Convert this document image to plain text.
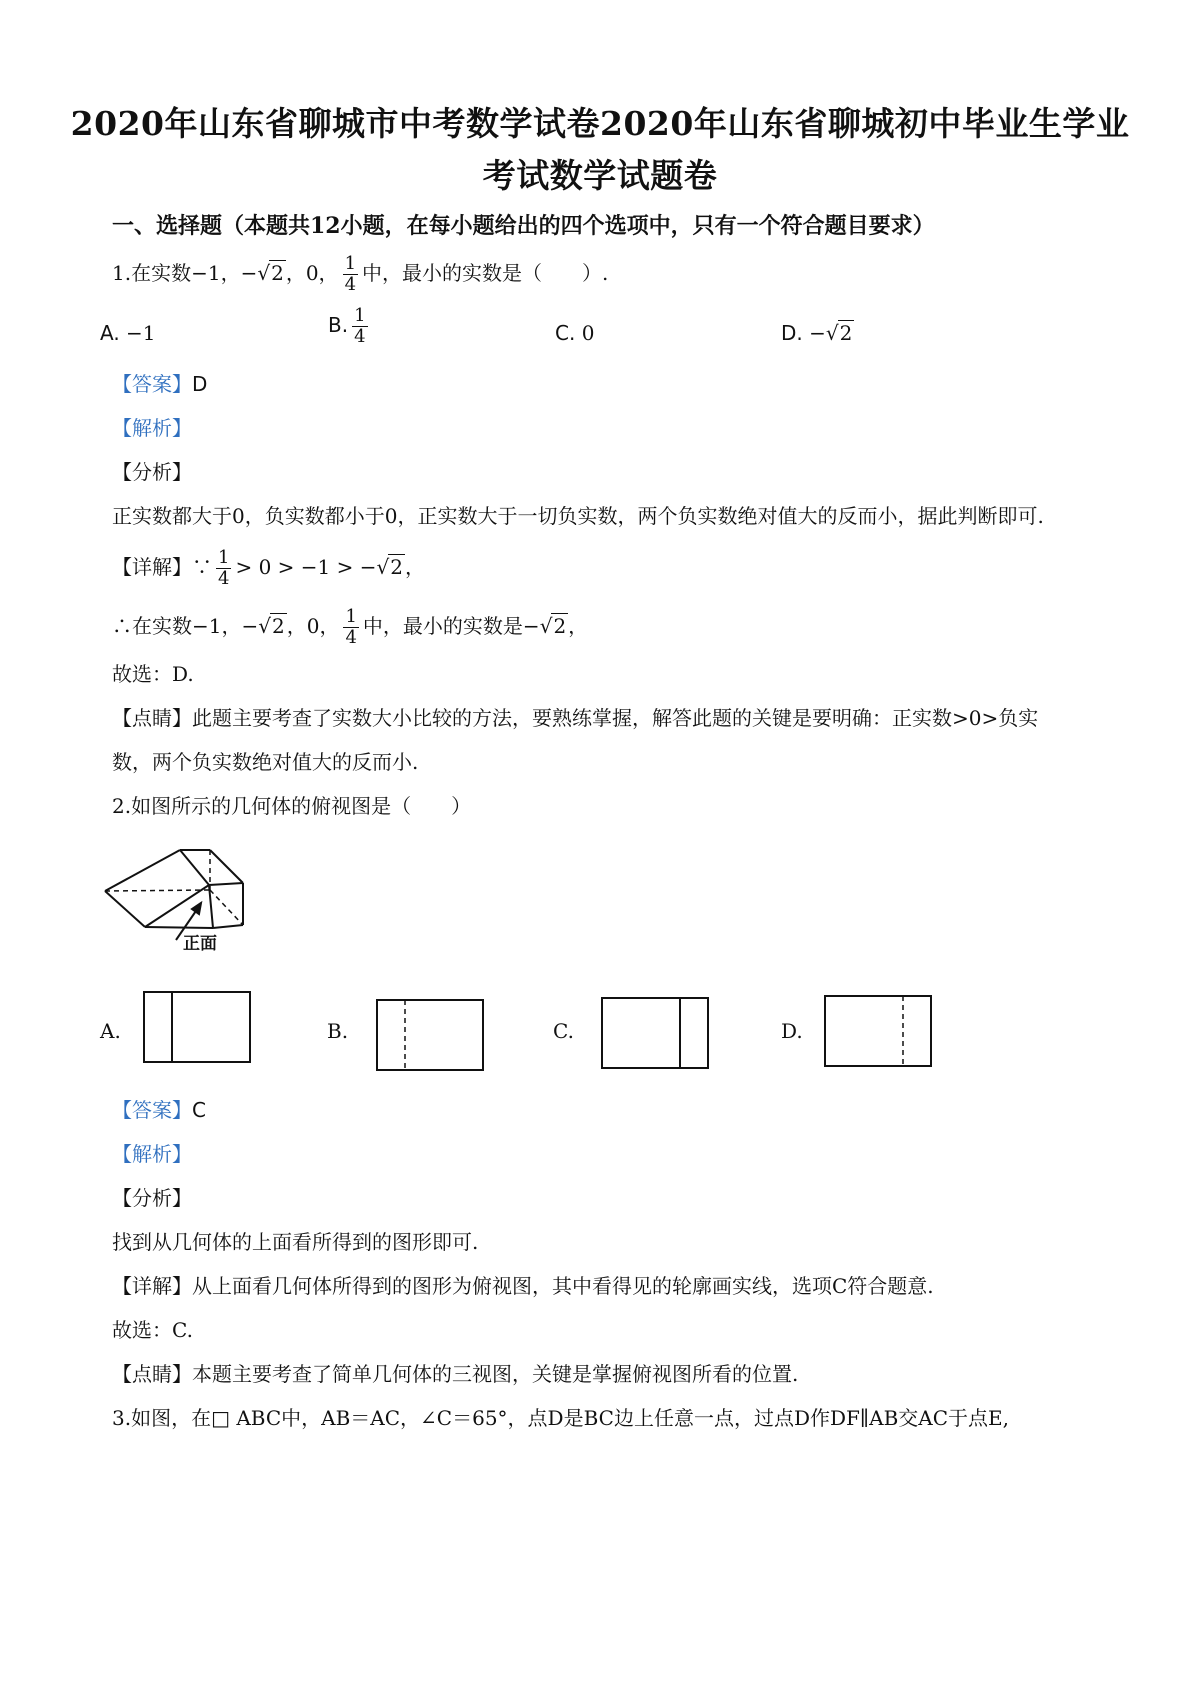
2020年山东省聊城市中考数学试卷2020年山东省聊城初中毕业生学业
考试数学试题卷
一、选择题（本题共12小题，在每小题给出的四个选项中，只有一个符合题目要求）
1.在实数−1，−√2 ，0， $\frac{1}{4}$ 中，最小的实数是（　　）.
A. −1	B. $\frac{1}{4}$	C. 0	D. −√2
【答案】D
【解析】
【分析】
正实数都大于0，负实数都小于0，正实数大于一切负实数，两个负实数绝对值大的反而小，据此判断即可.
【详解】∵ $\frac{1}{4} > 0 > -1 > -√2$ ，
∴在实数−1，−√2 ，0， $\frac{1}{4}$ 中，最小的实数是−√2 ，
故选：D.
【点睛】此题主要考查了实数大小比较的方法，要熟练掌握，解答此题的关键是要明确：正实数>0>负实
数，两个负实数绝对值大的反而小.
2.如图所示的几何体的俯视图是（　　）
正面
A.	B.	C.	D.
【答案】C
【解析】
【分析】
找到从几何体的上面看所得到的图形即可.
【详解】从上面看几何体所得到的图形为俯视图，其中看得见的轮廓画实线，选项C符合题意.
故选：C.
【点睛】本题主要考查了简单几何体的三视图，关键是掌握俯视图所看的位置.
3.如图，在□ ABC中，AB＝AC，∠C＝65°，点D是BC边上任意一点，过点D作DF∥AB交AC于点E,
